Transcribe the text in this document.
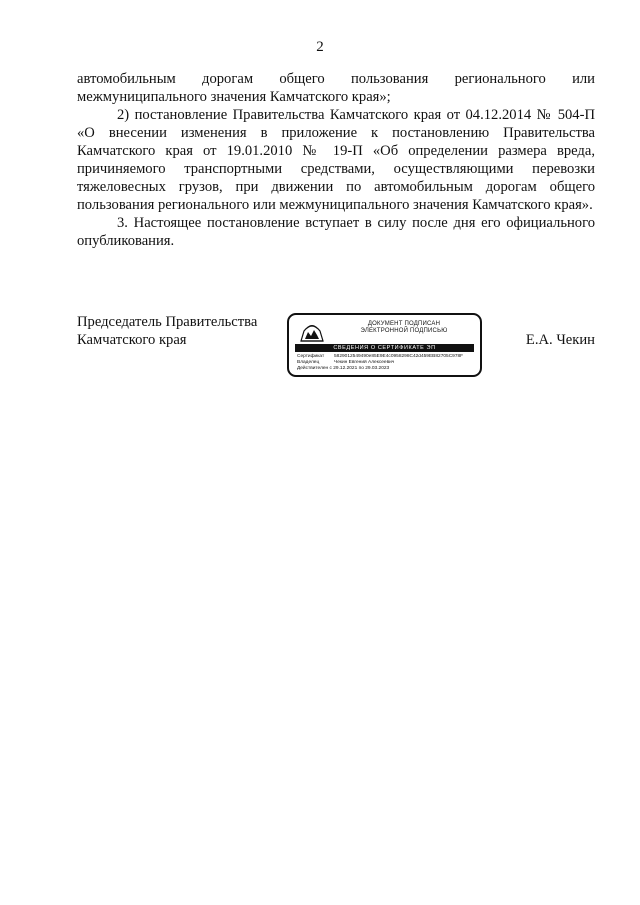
2

автомобильным дорогам общего пользования регионального или межмуниципального значения Камчатского края»;

2) постановление Правительства Камчатского края от 04.12.2014 № 504-П «О внесении изменения в приложение к постановлению Правительства Камчатского края от 19.01.2010 № 19-П «Об определении размера вреда, причиняемого транспортными средствами, осуществляющими перевозки тяжеловесных грузов, при движении по автомобильным дорогам общего пользования регионального или межмуниципального значения Камчатского края».

3. Настоящее постановление вступает в силу после дня его официального опубликования.

Председатель Правительства
Камчатского края
ДОКУМЕНТ ПОДПИСАН
ЭЛЕКТРОННОЙ ПОДПИСЬЮ
СВЕДЕНИЯ О СЕРТИФИКАТЕ ЭП
Сертификат	5829012549490e85E9E4c0958298C42d459EB82705C978F
Владелец	Чекин Евгений Алексеевич
Действителен с 29.12.2021 по 29.03.2023
Е.А. Чекин
